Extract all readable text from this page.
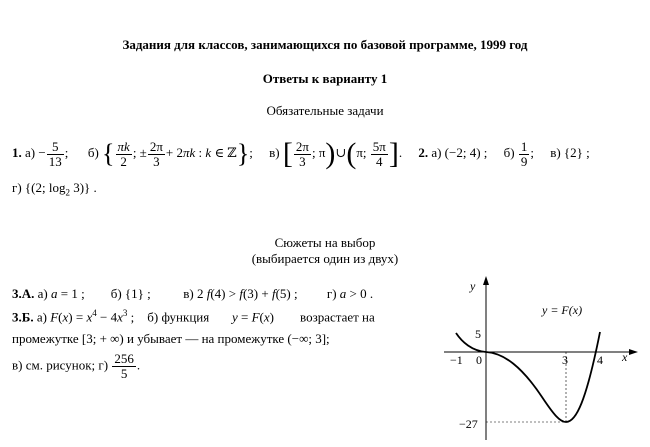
Задания для классов, занимающихся по базовой программе, 1999 год
Ответы к варианту 1
Обязательные задачи
1. $а) - \frac{5}{13}$ ; б) { $\frac{\pi k}{2}$ ; ± $\frac{2\pi}{3} + 2\pi k$ : k ∈ ℤ}; в) [ $\frac{2\pi}{3}$ ; π)∪(π; $\frac{5\pi}{4}$ ]. 2. а) (−2; 4) ; $б) \frac{1}{9}$ ; в) {2} ;
г) {(2; $\log_2 3$)} .
Сюжеты на выбор
(выбирается один из двух)
3.А. а) a = 1 ;        б) {1} ;	в) 2 f(4) > f(3) + f(5) ;         г) a > 0 .
3.Б. а) $F(x) = x^4 - 4x^3$ ;    б) функция y = F(x)        возрастает на
промежутке [3; + ∞) и убывает — на промежутке (−∞; 3];
в) см. рисунок; $г) \frac{256}{5}$ .
y
x
y = F(x)
5
−27
−1 0	3 4
